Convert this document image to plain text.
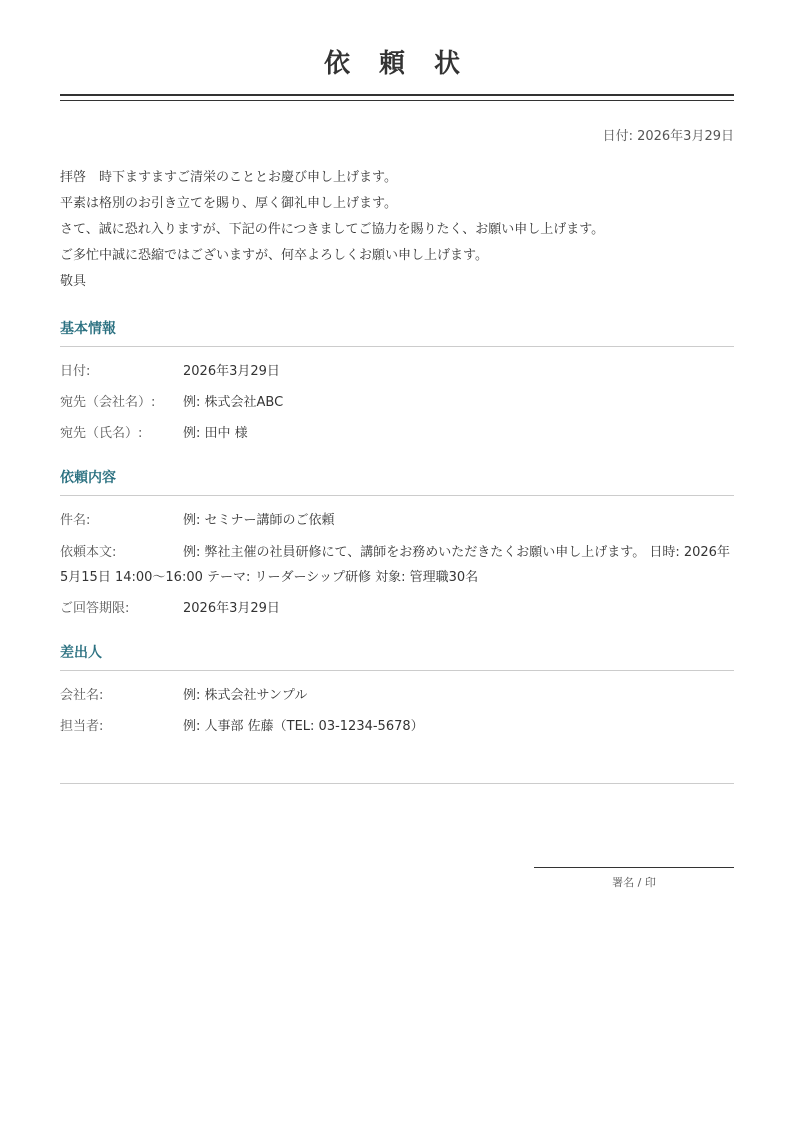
依 頼 状
日付: 2026年3月29日

拝啓　時下ますますご清栄のこととお慶び申し上げます。

平素は格別のお引き立てを賜り、厚く御礼申し上げます。

さて、誠に恐れ入りますが、下記の件につきましてご協力を賜りたく、お願い申し上げます。

ご多忙中誠に恐縮ではございますが、何卒よろしくお願い申し上げます。

敬具

基本情報
日付:	2026年3月29日
宛先（会社名）: 例: 株式会社ABC
宛先（氏名）:	例: 田中 様
依頼内容
件名:	例: セミナー講師のご依頼
依頼本文:	例: 弊社主催の社員研修にて、講師をお務めいただきたくお願い申し上げます。 日時: 2026年5月15日 14:00〜16:00 テーマ: リーダーシップ研修 対象: 管理職30名
ご回答期限:	2026年3月29日
差出人
会社名:	例: 株式会社サンプル
担当者:	例: 人事部 佐藤（TEL: 03-1234-5678）
署名 / 印
